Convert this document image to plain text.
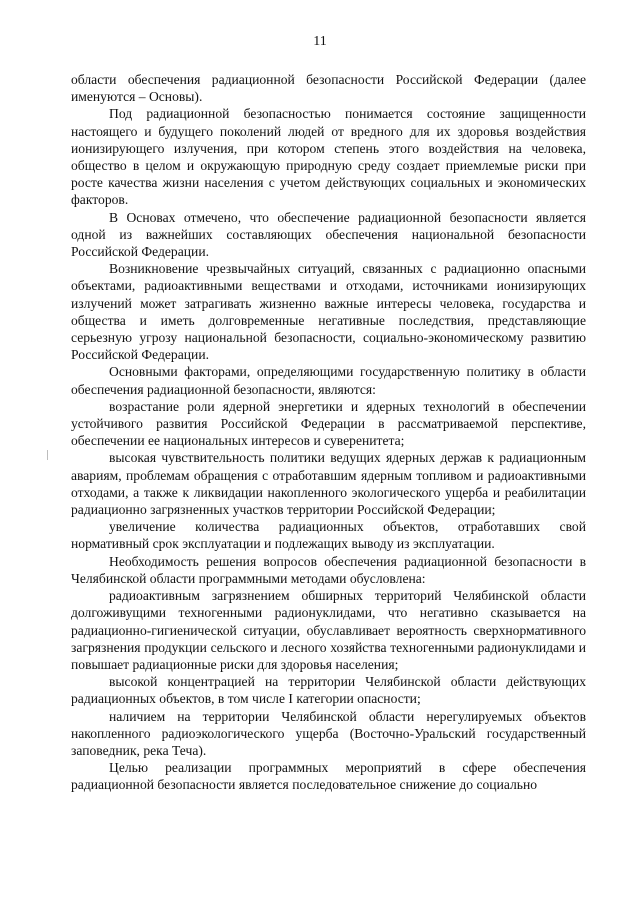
11

области обеспечения радиационной безопасности Российской Федерации (далее именуются – Основы).

Под радиационной безопасностью понимается состояние защищенности настоящего и будущего поколений людей от вредного для их здоровья воздействия ионизирующего излучения, при котором степень этого воздействия на человека, общество в целом и окружающую природную среду создает приемлемые риски при росте качества жизни населения с учетом действующих социальных и экономических факторов.

В Основах отмечено, что обеспечение радиационной безопасности является одной из важнейших составляющих обеспечения национальной безопасности Российской Федерации.

Возникновение чрезвычайных ситуаций, связанных с радиационно опасными объектами, радиоактивными веществами и отходами, источниками ионизирующих излучений может затрагивать жизненно важные интересы человека, государства и общества и иметь долговременные негативные последствия, представляющие серьезную угрозу национальной безопасности, социально-экономическому развитию Российской Федерации.

Основными факторами, определяющими государственную политику в области обеспечения радиационной безопасности, являются:

возрастание роли ядерной энергетики и ядерных технологий в обеспечении устойчивого развития Российской Федерации в рассматриваемой перспективе, обеспечении ее национальных интересов и суверенитета;

высокая чувствительность политики ведущих ядерных держав к радиационным авариям, проблемам обращения с отработавшим ядерным топливом и радиоактивными отходами, а также к ликвидации накопленного экологического ущерба и реабилитации радиационно загрязненных участков территории Российской Федерации;

увеличение количества радиационных объектов, отработавших свой нормативный срок эксплуатации и подлежащих выводу из эксплуатации.

Необходимость решения вопросов обеспечения радиационной безопасности в Челябинской области программными методами обусловлена:

радиоактивным загрязнением обширных территорий Челябинской области долгоживущими техногенными радионуклидами, что негативно сказывается на радиационно-гигиенической ситуации, обуславливает вероятность сверхнормативного загрязнения продукции сельского и лесного хозяйства техногенными радионуклидами и повышает радиационные риски для здоровья населения;

высокой концентрацией на территории Челябинской области действующих радиационных объектов, в том числе I категории опасности;

наличием на территории Челябинской области нерегулируемых объектов накопленного радиоэкологического ущерба (Восточно-Уральский государственный заповедник, река Теча).

Целью реализации программных мероприятий в сфере обеспечения радиационной безопасности является последовательное снижение до социально
